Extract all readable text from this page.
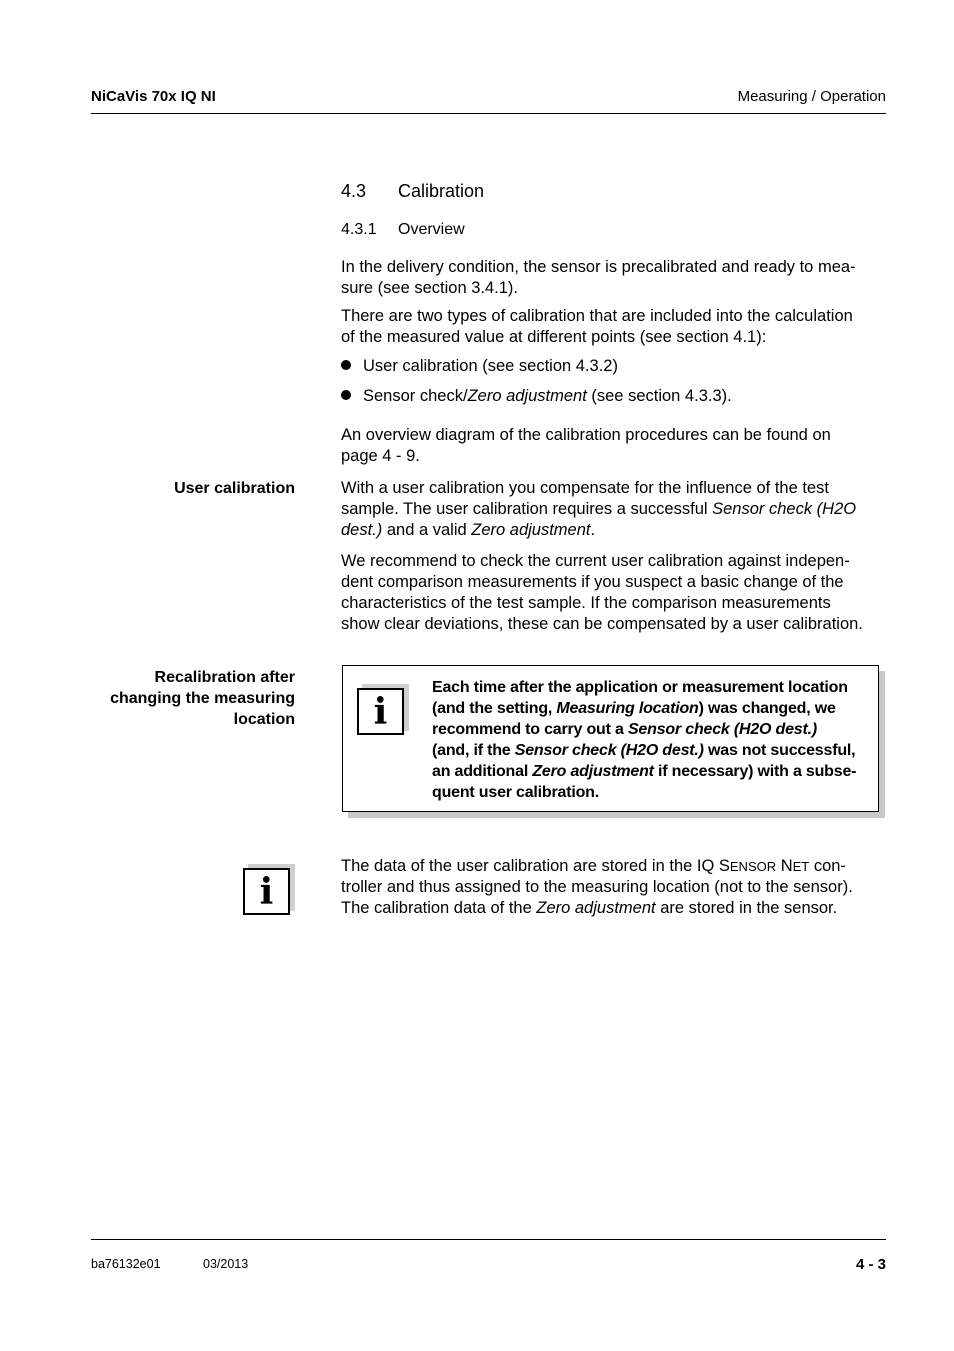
NiCaVis 70x IQ NI	Measuring / Operation
4.3 Calibration
4.3.1 Overview
In the delivery condition, the sensor is precalibrated and ready to mea-
sure (see section 3.4.1).
There are two types of calibration that are included into the calculation
of the measured value at different points (see section 4.1):
User calibration (see section 4.3.2)
Sensor check/Zero adjustment (see section 4.3.3).
An overview diagram of the calibration procedures can be found on
page 4 - 9.
User calibration	With a user calibration you compensate for the influence of the test
sample. The user calibration requires a successful Sensor check (H2O
dest.) and a valid Zero adjustment.
We recommend to check the current user calibration against indepen-
dent comparison measurements if you suspect a basic change of the
characteristics of the test sample. If the comparison measurements
show clear deviations, these can be compensated by a user calibration.
Recalibration after
changing the measuring
location	i
Each time after the application or measurement location
(and the setting, Measuring location) was changed, we
recommend to carry out a Sensor check (H2O dest.)
(and, if the Sensor check (H2O dest.) was not successful,
an additional Zero adjustment if necessary) with a subse-
quent user calibration.
i
The data of the user calibration are stored in the IQ SENSOR NET con-
troller and thus assigned to the measuring location (not to the sensor).
The calibration data of the Zero adjustment are stored in the sensor.
ba76132e01	03/2013	4 - 3
